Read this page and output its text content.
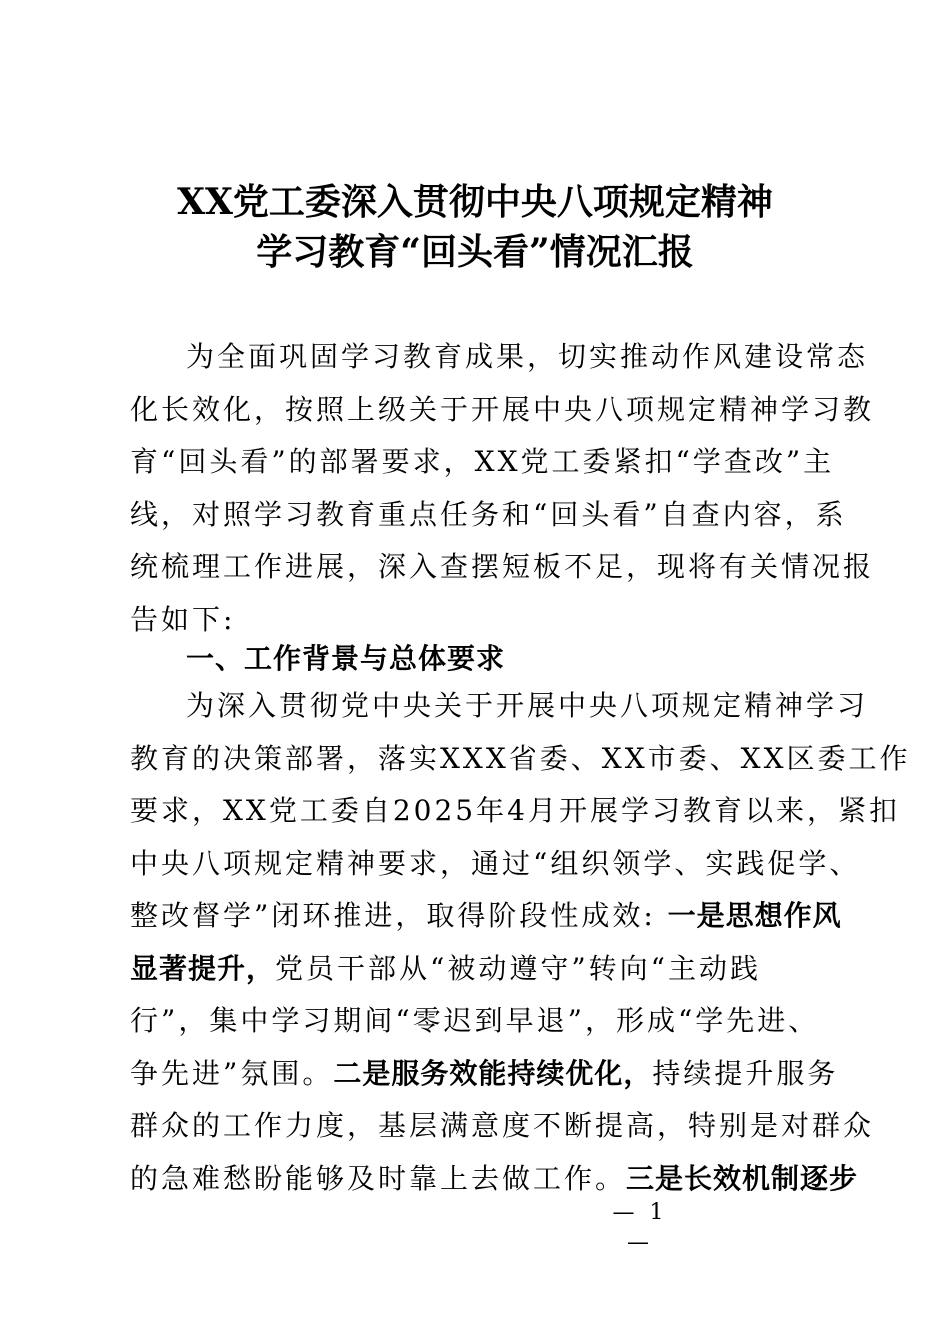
XX党工委深入贯彻中央八项规定精神
学习教育“回头看”情况汇报
为全面巩固学习教育成果，切实推动作风建设常态
化长效化，按照上级关于开展中央八项规定精神学习教
育“回头看”的部署要求，XX党工委紧扣“学查改”主
线，对照学习教育重点任务和“回头看”自查内容，系
统梳理工作进展，深入查摆短板不足，现将有关情况报
告如下:
一、工作背景与总体要求
为深入贯彻党中央关于开展中央八项规定精神学习
教育的决策部署，落实XXX省委、XX市委、XX区委工作
要求，XX党工委自2025年4月开展学习教育以来，紧扣
中央八项规定精神要求，通过“组织领学、实践促学、
整改督学”闭环推进，取得阶段性成效: 一是思想作风
显著提升，党员干部从“被动遵守”转向“主动践
行”，集中学习期间“零迟到早退”，形成“学先进、
争先进”氛围。二是服务效能持续优化，持续提升服务
群众的工作力度，基层满意度不断提高，特别是对群众
的急难愁盼能够及时靠上去做工作。三是长效机制逐步
— 1 —
